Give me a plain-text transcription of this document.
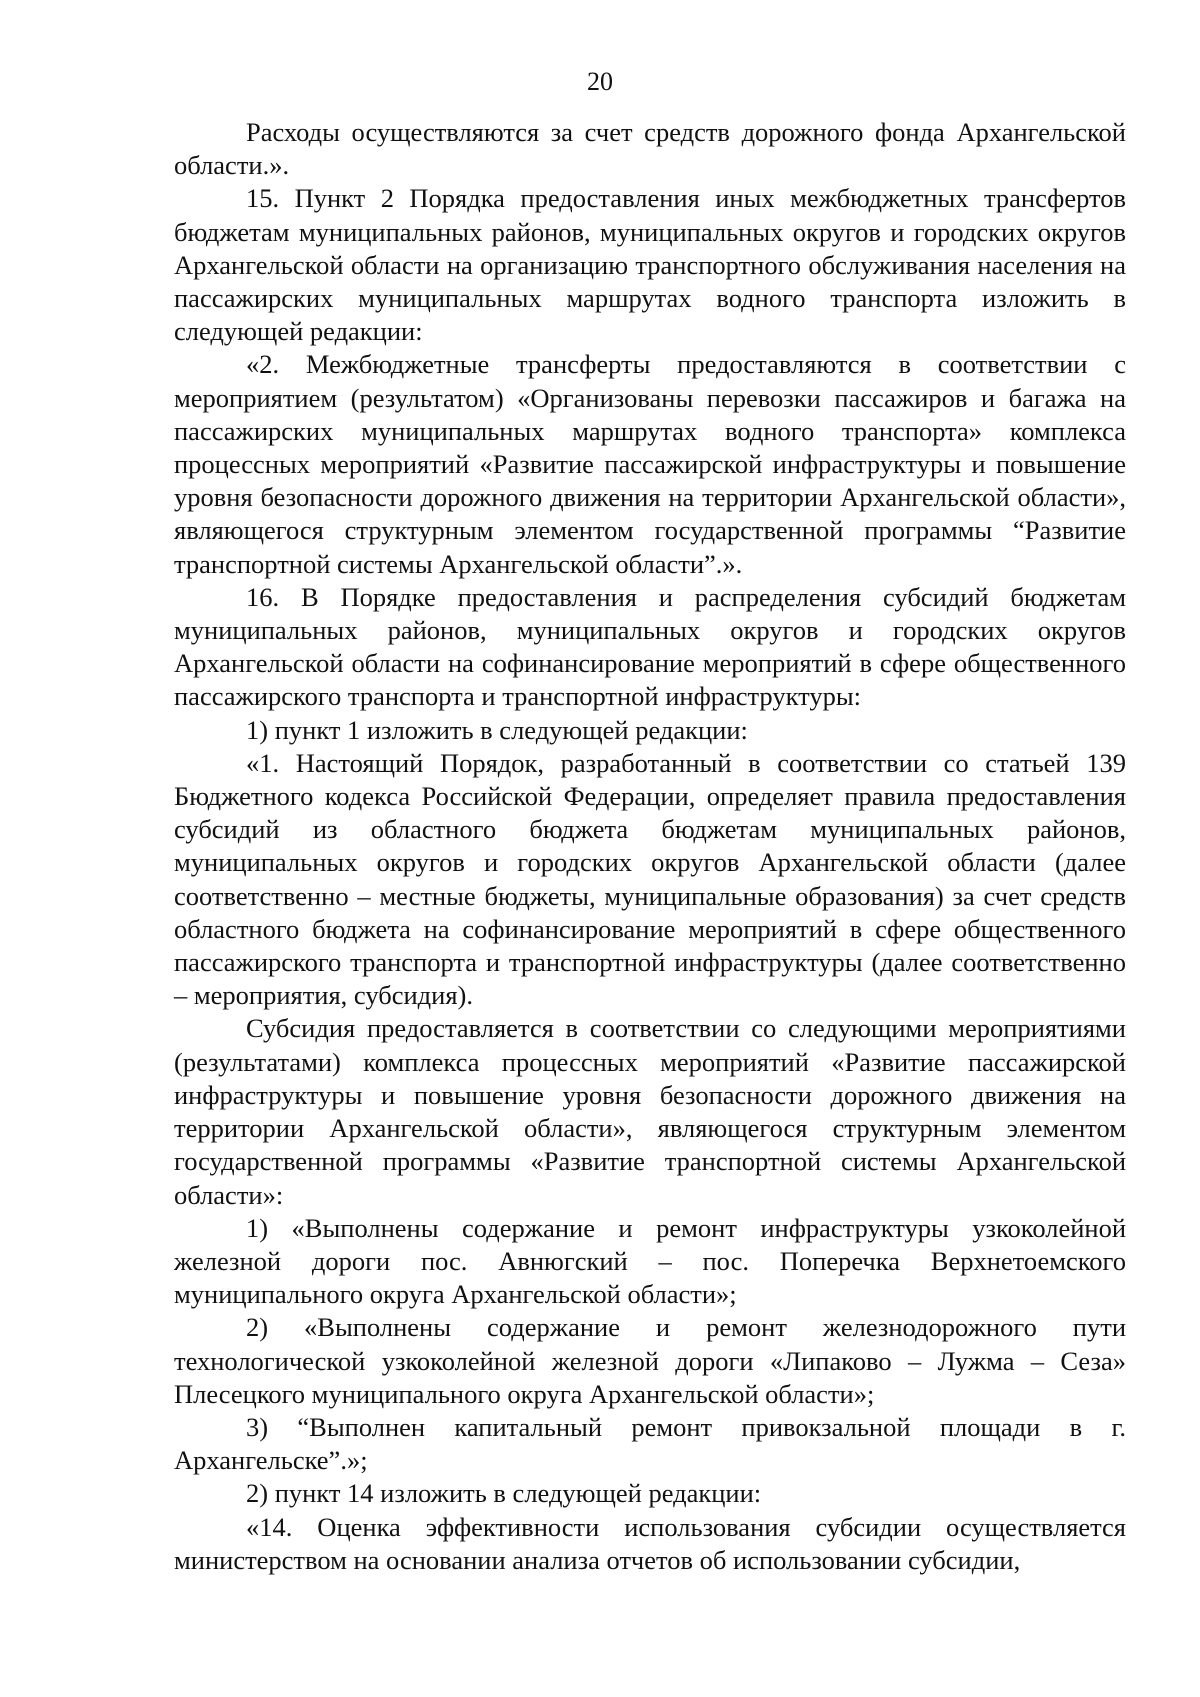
20

Расходы осуществляются за счет средств дорожного фонда Архангельской области.».

15. Пункт 2 Порядка предоставления иных межбюджетных трансфертов бюджетам муниципальных районов, муниципальных округов и городских округов Архангельской области на организацию транспортного обслуживания населения на пассажирских муниципальных маршрутах водного транспорта изложить в следующей редакции:

«2. Межбюджетные трансферты предоставляются в соответствии с мероприятием (результатом) «Организованы перевозки пассажиров и багажа на пассажирских муниципальных маршрутах водного транспорта» комплекса процессных мероприятий «Развитие пассажирской инфраструктуры и повышение уровня безопасности дорожного движения на территории Архангельской области», являющегося структурным элементом государственной программы “Развитие транспортной системы Архангельской области”.».

16. В Порядке предоставления и распределения субсидий бюджетам муниципальных районов, муниципальных округов и городских округов Архангельской области на софинансирование мероприятий в сфере общественного пассажирского транспорта и транспортной инфраструктуры:

1) пункт 1 изложить в следующей редакции:

«1. Настоящий Порядок, разработанный в соответствии со статьей 139 Бюджетного кодекса Российской Федерации, определяет правила предоставления субсидий из областного бюджета бюджетам муниципальных районов, муниципальных округов и городских округов Архангельской области (далее соответственно – местные бюджеты, муниципальные образования) за счет средств областного бюджета на софинансирование мероприятий в сфере общественного пассажирского транспорта и транспортной инфраструктуры (далее соответственно – мероприятия, субсидия).

Субсидия предоставляется в соответствии со следующими мероприятиями (результатами) комплекса процессных мероприятий «Развитие пассажирской инфраструктуры и повышение уровня безопасности дорожного движения на территории Архангельской области», являющегося структурным элементом государственной программы «Развитие транспортной системы Архангельской области»:

1) «Выполнены содержание и ремонт инфраструктуры узкоколейной железной дороги пос. Авнюгский – пос. Поперечка Верхнетоемского муниципального округа Архангельской области»;

2) «Выполнены содержание и ремонт железнодорожного пути технологической узкоколейной железной дороги «Липаково – Лужма – Сеза» Плесецкого муниципального округа Архангельской области»;

3) “Выполнен капитальный ремонт привокзальной площади в г. Архангельске”.»;

2) пункт 14 изложить в следующей редакции:

«14. Оценка эффективности использования субсидии осуществляется министерством на основании анализа отчетов об использовании субсидии,
